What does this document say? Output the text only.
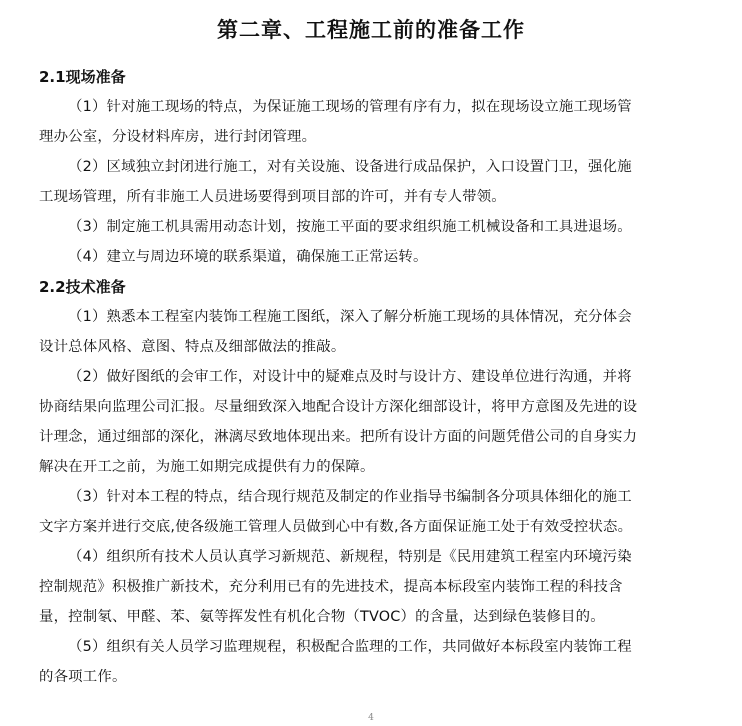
第二章、工程施工前的准备工作
2.1现场准备

（1）针对施工现场的特点，为保证施工现场的管理有序有力，拟在现场设立施工现场管
理办公室，分设材料库房，进行封闭管理。

（2）区域独立封闭进行施工，对有关设施、设备进行成品保护，入口设置门卫，强化施
工现场管理，所有非施工人员进场要得到项目部的许可，并有专人带领。

（3）制定施工机具需用动态计划，按施工平面的要求组织施工机械设备和工具进退场。

（4）建立与周边环境的联系渠道，确保施工正常运转。

2.2技术准备

（1）熟悉本工程室内装饰工程施工图纸，深入了解分析施工现场的具体情况，充分体会
设计总体风格、意图、特点及细部做法的推敲。

（2）做好图纸的会审工作，对设计中的疑难点及时与设计方、建设单位进行沟通，并将
协商结果向监理公司汇报。尽量细致深入地配合设计方深化细部设计，将甲方意图及先进的设
计理念，通过细部的深化，淋漓尽致地体现出来。把所有设计方面的问题凭借公司的自身实力
解决在开工之前，为施工如期完成提供有力的保障。

（3）针对本工程的特点，结合现行规范及制定的作业指导书编制各分项具体细化的施工
文字方案并进行交底,使各级施工管理人员做到心中有数,各方面保证施工处于有效受控状态。

（4）组织所有技术人员认真学习新规范、新规程，特别是《民用建筑工程室内环境污染
控制规范》积极推广新技术，充分利用已有的先进技术，提高本标段室内装饰工程的科技含
量，控制氡、甲醛、苯、氨等挥发性有机化合物（TVOC）的含量，达到绿色装修目的。

（5）组织有关人员学习监理规程，积极配合监理的工作，共同做好本标段室内装饰工程
的各项工作。

4
